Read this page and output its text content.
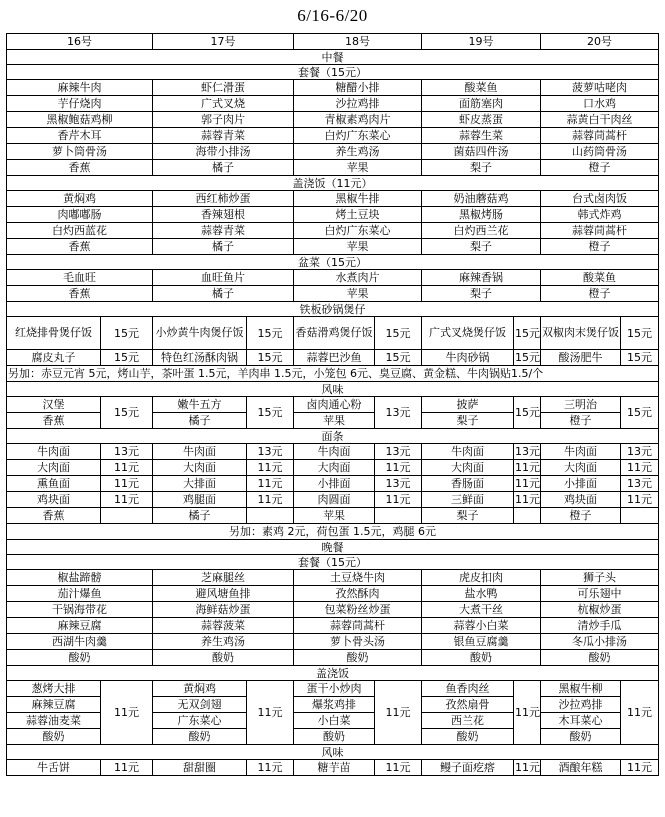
6/16-6/20
16号		17号		18号		19号		20号	
中餐									
套餐（15元）									
麻辣牛肉		虾仁滑蛋		糖醋小排		酸菜鱼		菠萝咕咾肉	
芋仔烧肉		广式叉烧		沙拉鸡排		面筋塞肉		口水鸡	
黑椒鲍菇鸡柳		郭子肉片		青椒素鸡肉片		虾皮蒸蛋		蒜黄白干肉丝	
香芹木耳		蒜蓉青菜		白灼广东菜心		蒜蓉生菜		蒜蓉茼蒿杆	
萝卜筒骨汤		海带小排汤		养生鸡汤		菌菇四件汤		山药筒骨汤	
香蕉		橘子		苹果		梨子		橙子	
盖浇饭（11元）									
黄焖鸡		西红柿炒蛋		黑椒牛排		奶油蘑菇鸡		台式卤肉饭	
肉嘟嘟肠		香辣翅根		烤土豆块		黑椒烤肠		韩式炸鸡	
白灼西蓝花		蒜蓉青菜		白灼广东菜心		白灼西兰花		蒜蓉茼蒿杆	
香蕉		橘子		苹果		梨子		橙子	
盆菜（15元）									
毛血旺		血旺鱼片		水煮肉片		麻辣香锅		酸菜鱼	
香蕉		橘子		苹果		梨子		橙子	
铁板砂锅煲仔									
红烧排骨煲仔饭	15元	小炒黄牛肉煲仔饭	15元	香菇滑鸡煲仔饭	15元	广式叉烧煲仔饭	15元	双椒肉末煲仔饭	15元
腐皮丸子	15元	特色红汤酥肉锅	15元	蒜蓉巴沙鱼	15元	牛肉砂锅	15元	酸汤肥牛	15元
另加：赤豆元宵 5元，烤山芋，茶叶蛋 1.5元，羊肉串 1.5元，小笼包 6元、臭豆腐、黄金糕、牛肉锅贴1.5/个									
风味									
汉堡	15元	嫩牛五方	15元	卤肉通心粉	13元	披萨	15元	三明治	15元
香蕉		橘子		苹果		梨子		橙子	
面条									
牛肉面	13元	牛肉面	13元	牛肉面	13元	牛肉面	13元	牛肉面	13元
大肉面	11元	大肉面	11元	大肉面	11元	大肉面	11元	大肉面	11元
熏鱼面	11元	大排面	11元	小排面	13元	香肠面	11元	小排面	13元
鸡块面	11元	鸡腿面	11元	肉圆面	11元	三鲜面	11元	鸡块面	11元
香蕉		橘子		苹果		梨子		橙子	
另加：素鸡 2元，荷包蛋 1.5元，鸡腿 6元									
晚餐									
套餐（15元）									
椒盐蹄髈		芝麻腿丝		土豆烧牛肉		虎皮扣肉		狮子头	
茄汁爆鱼		避风塘鱼排		孜然酥肉		盐水鸭		可乐翅中	
干锅海带花		海鲜菇炒蛋		包菜粉丝炒蛋		大煮干丝		杭椒炒蛋	
麻辣豆腐		蒜蓉菠菜		蒜蓉茼蒿杆		蒜蓉小白菜		清炒手瓜	
西湖牛肉羹		养生鸡汤		萝卜骨头汤		银鱼豆腐羹		冬瓜小排汤	
酸奶		酸奶		酸奶		酸奶		酸奶	
盖浇饭									
葱烤大排	11元	黄焖鸡	11元	蛋干小炒肉	11元	鱼香肉丝	11元	黑椒牛柳	11元
麻辣豆腐		无双剑翅		爆浆鸡排		孜然扇骨		沙拉鸡排	
蒜蓉油麦菜		广东菜心		小白菜		西兰花		木耳菜心	
酸奶		酸奶		酸奶		酸奶		酸奶	
风味									
牛舌饼	11元	甜甜圈	11元	糖芋苗	11元	鳗子面疙瘩	11元	酒酿年糕	11元
